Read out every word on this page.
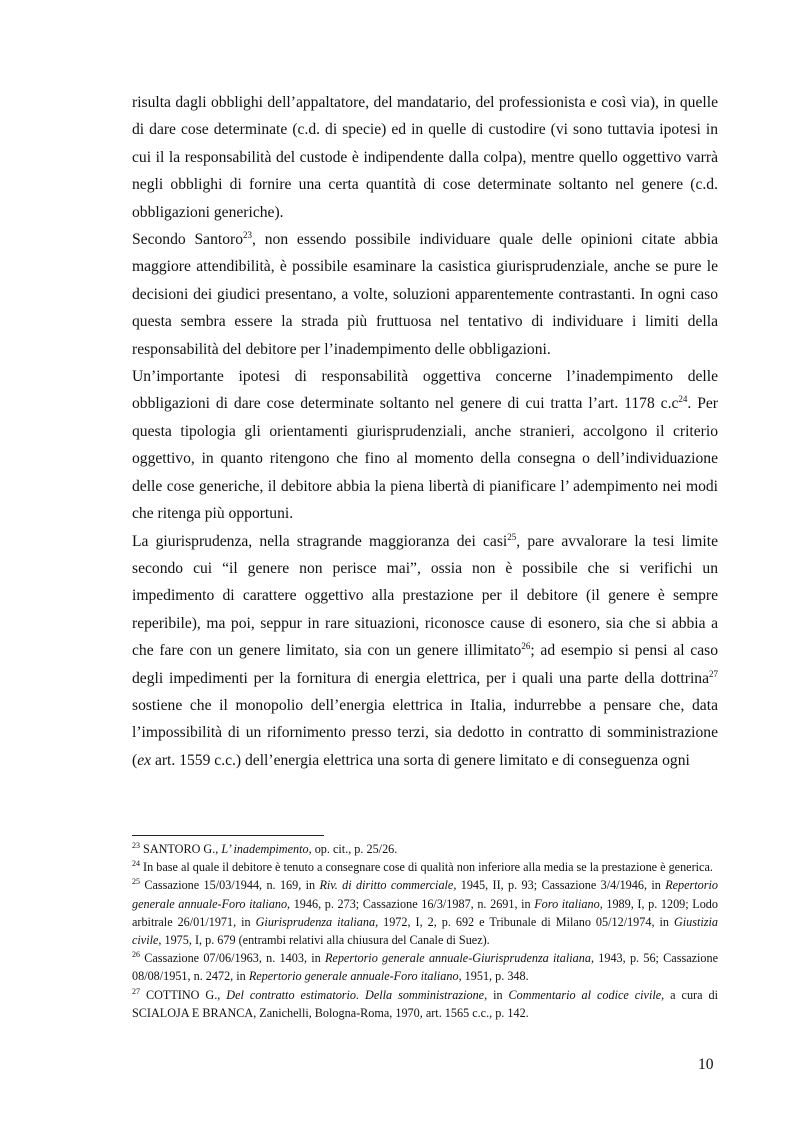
risulta dagli obblighi dell’appaltatore, del mandatario, del professionista e così via), in quelle di dare cose determinate (c.d. di specie) ed in quelle di custodire (vi sono tuttavia ipotesi in cui il la responsabilità del custode è indipendente dalla colpa), mentre quello oggettivo varrà negli obblighi di fornire una certa quantità di cose determinate soltanto nel genere (c.d. obbligazioni generiche).

Secondo Santoro$^{23}$, non essendo possibile individuare quale delle opinioni citate abbia maggiore attendibilità, è possibile esaminare la casistica giurisprudenziale, anche se pure le decisioni dei giudici presentano, a volte, soluzioni apparentemente contrastanti. In ogni caso questa sembra essere la strada più fruttuosa nel tentativo di individuare i limiti della responsabilità del debitore per l’inadempimento delle obbligazioni.

Un’importante ipotesi di responsabilità oggettiva concerne l’inadempimento delle obbligazioni di dare cose determinate soltanto nel genere di cui tratta l’art. 1178 $c.c^{24}$. Per questa tipologia gli orientamenti giurisprudenziali, anche stranieri, accolgono il criterio oggettivo, in quanto ritengono che fino al momento della consegna o dell’individuazione delle cose generiche, il debitore abbia la piena libertà di pianificare l’ adempimento nei modi che ritenga più opportuni.

La giurisprudenza, nella stragrande maggioranza dei casi$^{25}$, pare avvalorare la tesi limite secondo cui “il genere non perisce mai”, ossia non è possibile che si verifichi un impedimento di carattere oggettivo alla prestazione per il debitore (il genere è sempre reperibile), ma poi, seppur in rare situazioni, riconosce cause di esonero, sia che si abbia a che fare con un genere limitato, sia con un genere illimitato$^{26}$; ad esempio si pensi al caso degli impedimenti per la fornitura di energia elettrica, per i quali una parte della dottrina$^{27}$ sostiene che il monopolio dell’energia elettrica in Italia, indurrebbe a pensare che, data l’impossibilità di un rifornimento presso terzi, sia dedotto in contratto di somministrazione (ex art. 1559 c.c.) dell’energia elettrica una sorta di genere limitato e di conseguenza ogni

$^{23}$ SANTORO G., L’ inadempimento, op. cit., p. 25/26.

$^{24}$ In base al quale il debitore è tenuto a consegnare cose di qualità non inferiore alla media se la prestazione è generica.

$^{25}$ Cassazione 15/03/1944, n. 169, in Riv. di diritto commerciale, 1945, II, p. 93; Cassazione 3/4/1946, in Repertorio generale annuale-Foro italiano, 1946, p. 273; Cassazione 16/3/1987, n. 2691, in Foro italiano, 1989, I, p. 1209; Lodo arbitrale 26/01/1971, in Giurisprudenza italiana, 1972, I, 2, p. 692 e Tribunale di Milano 05/12/1974, in Giustizia civile, 1975, I, p. 679 (entrambi relativi alla chiusura del Canale di Suez).

$^{26}$ Cassazione 07/06/1963, n. 1403, in Repertorio generale annuale-Giurisprudenza italiana, 1943, p. 56; Cassazione 08/08/1951, n. 2472, in Repertorio generale annuale-Foro italiano, 1951, p. 348.

$^{27}$ COTTINO G., Del contratto estimatorio. Della somministrazione, in Commentario al codice civile, a cura di SCIALOJA E BRANCA, Zanichelli, Bologna-Roma, 1970, art. 1565 c.c., p. 142.

10
